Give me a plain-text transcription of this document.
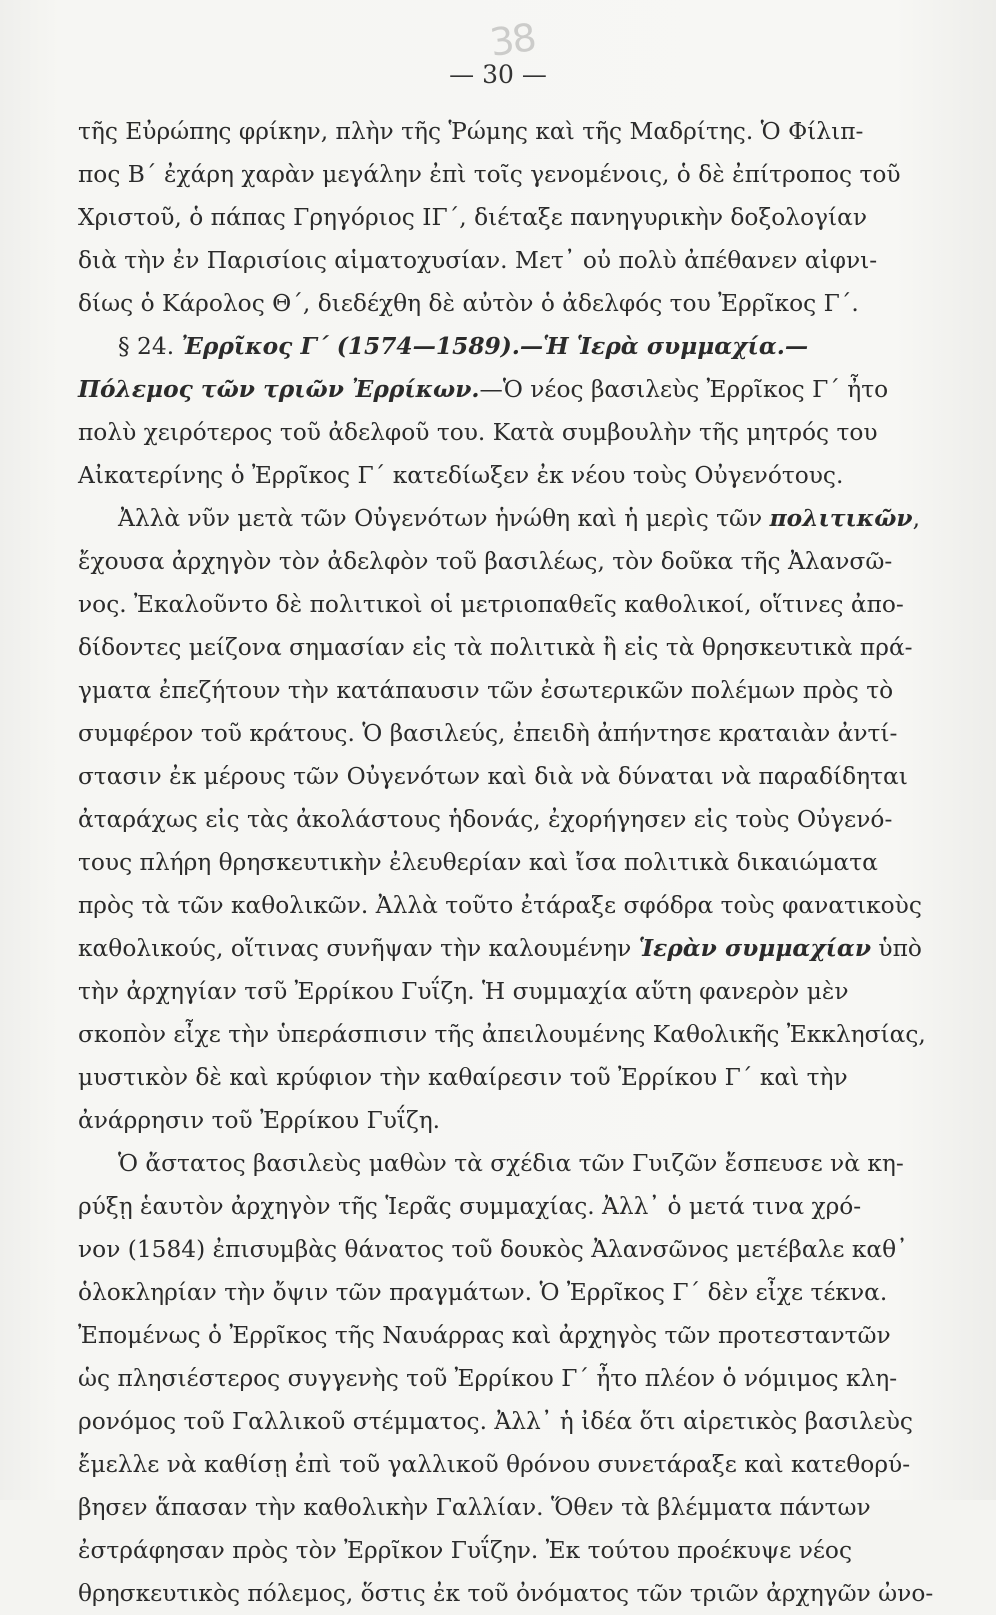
38
— 30 —
τῆς Εὐρώπης φρίκην, πλὴν τῆς Ῥώμης καὶ τῆς Μαδρίτης. Ὁ Φίλιπ-
πος Β΄ ἐχάρη χαρὰν μεγάλην ἐπὶ τοῖς γενομένοις, ὁ δὲ ἐπίτροπος τοῦ
Χριστοῦ, ὁ πάπας Γρηγόριος ΙΓ΄, διέταξε πανηγυρικὴν δοξολογίαν
διὰ τὴν ἐν Παρισίοις αἱματοχυσίαν. Μετ᾽ οὐ πολὺ ἀπέθανεν αἰφνι-
δίως ὁ Κάρολος Θ΄, διεδέχθη δὲ αὐτὸν ὁ ἀδελφός του Ἐρρῖκος Γ΄.
§ 24. Ἐρρῖκος Γ΄ (1574—1589).—Ἡ Ἱερὰ συμμαχία.—
Πόλεμος τῶν τριῶν Ἐρρίκων.—Ὁ νέος βασιλεὺς Ἐρρῖκος Γ΄ ἦτο
πολὺ χειρότερος τοῦ ἀδελφοῦ του. Κατὰ συμβουλὴν τῆς μητρός του
Αἰκατερίνης ὁ Ἐρρῖκος Γ΄ κατεδίωξεν ἐκ νέου τοὺς Οὐγενότους.
Ἀλλὰ νῦν μετὰ τῶν Οὐγενότων ἡνώθη καὶ ἡ μερὶς τῶν πολιτικῶν,
ἔχουσα ἀρχηγὸν τὸν ἀδελφὸν τοῦ βασιλέως, τὸν δοῦκα τῆς Ἀλανσῶ-
νος. Ἐκαλοῦντο δὲ πολιτικοὶ οἱ μετριοπαθεῖς καθολικοί, οἵτινες ἀπο-
δίδοντες μείζονα σημασίαν εἰς τὰ πολιτικὰ ἢ εἰς τὰ θρησκευτικὰ πρά-
γματα ἐπεζήτουν τὴν κατάπαυσιν τῶν ἐσωτερικῶν πολέμων πρὸς τὸ
συμφέρον τοῦ κράτους. Ὁ βασιλεύς, ἐπειδὴ ἀπήντησε κραταιὰν ἀντί-
στασιν ἐκ μέρους τῶν Οὐγενότων καὶ διὰ νὰ δύναται νὰ παραδίδηται
ἀταράχως εἰς τὰς ἀκολάστους ἡδονάς, ἐχορήγησεν εἰς τοὺς Οὐγενό-
τους πλήρη θρησκευτικὴν ἐλευθερίαν καὶ ἴσα πολιτικὰ δικαιώματα
πρὸς τὰ τῶν καθολικῶν. Ἀλλὰ τοῦτο ἐτάραξε σφόδρα τοὺς φανατικοὺς
καθολικούς, οἵτινας συνῆψαν τὴν καλουμένην Ἱερὰν συμμαχίαν ὑπὸ
τὴν ἀρχηγίαν τσῦ Ἐρρίκου Γυΐζη. Ἡ συμμαχία αὕτη φανερὸν μὲν
σκοπὸν εἶχε τὴν ὑπεράσπισιν τῆς ἀπειλουμένης Καθολικῆς Ἐκκλησίας,
μυστικὸν δὲ καὶ κρύφιον τὴν καθαίρεσιν τοῦ Ἐρρίκου Γ΄ καὶ τὴν
ἀνάρρησιν τοῦ Ἐρρίκου Γυΐζη.
Ὁ ἄστατος βασιλεὺς μαθὼν τὰ σχέδια τῶν Γυιζῶν ἔσπευσε νὰ κη-
ρύξῃ ἑαυτὸν ἀρχηγὸν τῆς Ἱερᾶς συμμαχίας. Ἀλλ᾽ ὁ μετά τινα χρό-
νον (1584) ἐπισυμβὰς θάνατος τοῦ δουκὸς Ἀλανσῶνος μετέβαλε καθ᾽
ὁλοκληρίαν τὴν ὄψιν τῶν πραγμάτων. Ὁ Ἐρρῖκος Γ΄ δὲν εἶχε τέκνα.
Ἐπομένως ὁ Ἐρρῖκος τῆς Ναυάρρας καὶ ἀρχηγὸς τῶν προτεσταντῶν
ὡς πλησιέστερος συγγενὴς τοῦ Ἐρρίκου Γ΄ ἦτο πλέον ὁ νόμιμος κλη-
ρονόμος τοῦ Γαλλικοῦ στέμματος. Ἀλλ᾽ ἡ ἰδέα ὅτι αἱρετικὸς βασιλεὺς
ἔμελλε νὰ καθίσῃ ἐπὶ τοῦ γαλλικοῦ θρόνου συνετάραξε καὶ κατεθορύ-
βησεν ἅπασαν τὴν καθολικὴν Γαλλίαν. Ὅθεν τὰ βλέμματα πάντων
ἐστράφησαν πρὸς τὸν Ἐρρῖκον Γυΐζην. Ἐκ τούτου προέκυψε νέος
θρησκευτικὸς πόλεμος, ὅστις ἐκ τοῦ ὀνόματος τῶν τριῶν ἀρχηγῶν ὠνο-
